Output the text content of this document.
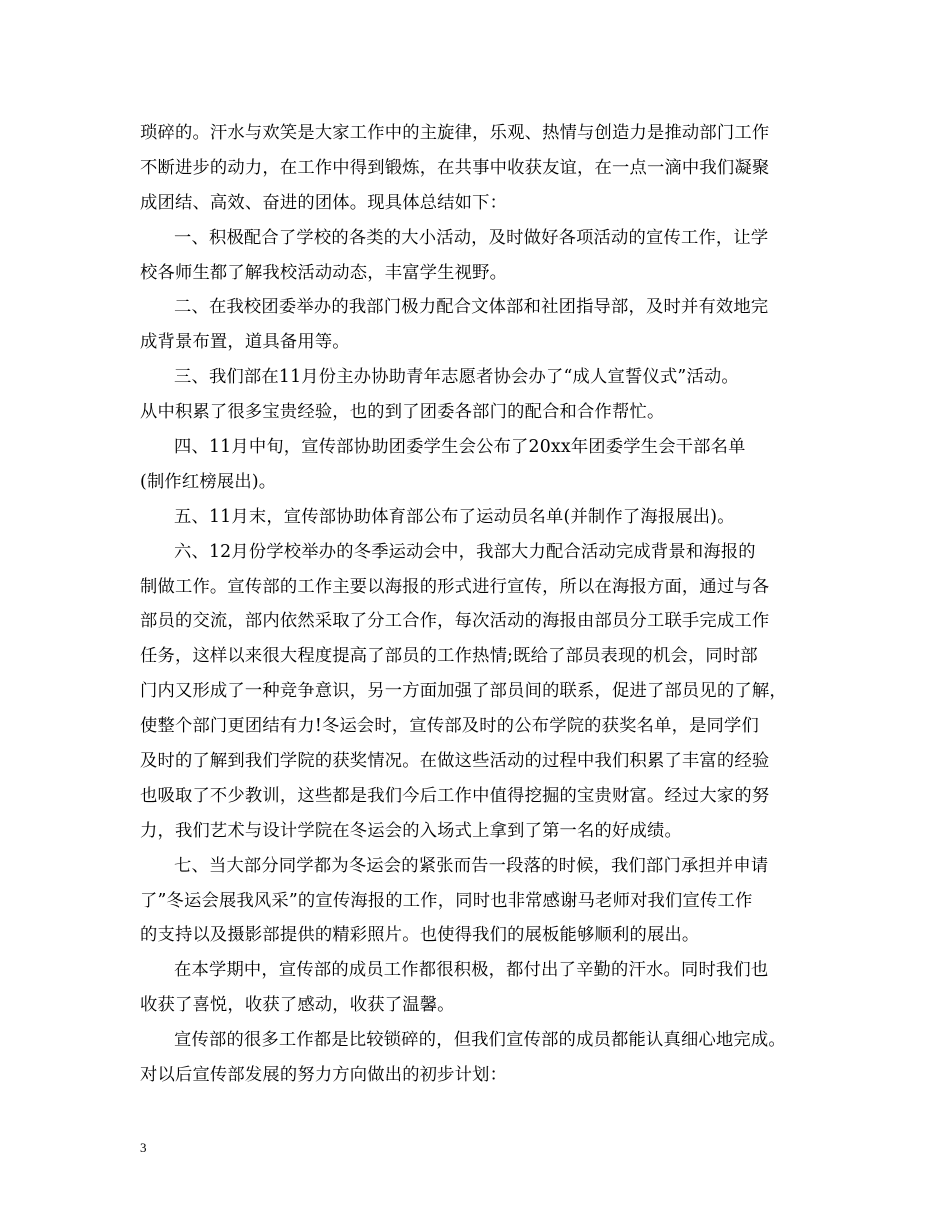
琐碎的。汗水与欢笑是大家工作中的主旋律，乐观、热情与创造力是推动部门工作
不断进步的动力，在工作中得到锻炼，在共事中收获友谊，在一点一滴中我们凝聚
成团结、高效、奋进的团体。现具体总结如下：
一、积极配合了学校的各类的大小活动，及时做好各项活动的宣传工作，让学
校各师生都了解我校活动动态，丰富学生视野。
二、在我校团委举办的我部门极力配合文体部和社团指导部，及时并有效地完
成背景布置，道具备用等。
三、我们部在11月份主办协助青年志愿者协会办了“成人宣誓仪式”活动。
从中积累了很多宝贵经验，也的到了团委各部门的配合和合作帮忙。
四、11月中旬，宣传部协助团委学生会公布了20xx年团委学生会干部名单
(制作红榜展出)。
五、11月末，宣传部协助体育部公布了运动员名单(并制作了海报展出)。
六、12月份学校举办的冬季运动会中，我部大力配合活动完成背景和海报的
制做工作。宣传部的工作主要以海报的形式进行宣传，所以在海报方面，通过与各
部员的交流，部内依然采取了分工合作，每次活动的海报由部员分工联手完成工作
任务，这样以来很大程度提高了部员的工作热情;既给了部员表现的机会，同时部
门内又形成了一种竞争意识，另一方面加强了部员间的联系，促进了部员见的了解，
使整个部门更团结有力!冬运会时，宣传部及时的公布学院的获奖名单，是同学们
及时的了解到我们学院的获奖情况。在做这些活动的过程中我们积累了丰富的经验
也吸取了不少教训，这些都是我们今后工作中值得挖掘的宝贵财富。经过大家的努
力，我们艺术与设计学院在冬运会的入场式上拿到了第一名的好成绩。
七、当大部分同学都为冬运会的紧张而告一段落的时候，我们部门承担并申请
了”冬运会展我风采”的宣传海报的工作，同时也非常感谢马老师对我们宣传工作
的支持以及摄影部提供的精彩照片。也使得我们的展板能够顺利的展出。
在本学期中，宣传部的成员工作都很积极，都付出了辛勤的汗水。同时我们也
收获了喜悦，收获了感动，收获了温馨。
宣传部的很多工作都是比较锁碎的，但我们宣传部的成员都能认真细心地完成。
对以后宣传部发展的努力方向做出的初步计划：
3
